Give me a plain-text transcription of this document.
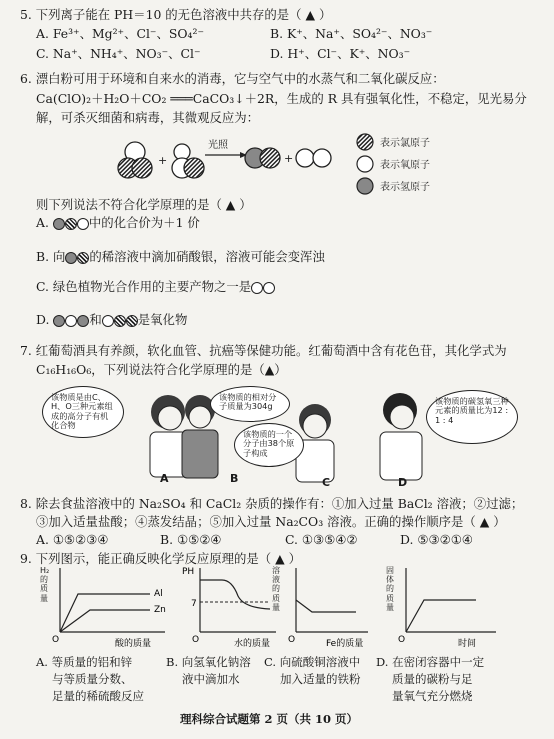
5. 下列离子能在 PH＝10 的无色溶液中共存的是（ ▲ ）
A. Fe³⁺、Mg²⁺、Cl⁻、SO₄²⁻	B. K⁺、Na⁺、SO₄²⁻、NO₃⁻
C. Na⁺、NH₄⁺、NO₃⁻、Cl⁻	D. H⁺、Cl⁻、K⁺、NO₃⁻
6. 漂白粉可用于环境和自来水的消毒，它与空气中的水蒸气和二氧化碳反应：
Ca(ClO)₂＋H₂O＋CO₂ ═══CaCO₃↓＋2R，生成的 R 具有强氧化性，不稳定，见光易分
解，可杀灭细菌和病毒，其微观反应为：
+
光照
+
表示氯原子
表示氧原子
表示氢原子
则下列说法不符合化学原理的是（ ▲ ）
A.	中的化合价为＋1 价
B. 向 的稀溶液中滴加硝酸银，溶液可能会变浑浊
C. 绿色植物光合作用的主要产物之一是
D.	和	是氧化物
7. 红葡萄酒具有养颜，软化血管、抗癌等保健功能。红葡萄酒中含有花色苷，其化学式为
C₁₆H₁₆O₆，下列说法符合化学原理的是（▲）
该物质是由C、H、O三种元素组成的高分子有机化合物
该物质的相对分子质量为304g
该物质的一个分子由38个原子构成
该物质的碳氢氧三种元素的质量比为12 : 1 : 4
A	B	C	D
8. 除去食盐溶液中的 Na₂SO₄ 和 CaCl₂ 杂质的操作有：①加入过量 BaCl₂ 溶液；②过滤；
③加入适量盐酸；④蒸发结晶；⑤加入过量 Na₂CO₃ 溶液。正确的操作顺序是（ ▲ ）
A. ①⑤②③④	B. ①⑤②④	C. ①③⑤④②	D. ⑤③②①④
9. 下列图示，能正确反映化学反应原理的是（ ▲ ）
Al
Zn
O	酸的质量
H₂的质量
PH
7
O	水的质量 O	Fe的质量
溶液的质量
O	时间
固体的质量
A. 等质量的铝和锌
与等质量分数、
足量的稀硫酸反应
B. 向氢氧化钠溶
液中滴加水
C. 向硫酸铜溶液中
加入适量的铁粉
D. 在密闭容器中一定
质量的碳粉与足
量氧气充分燃烧
理科综合试题第 2 页（共 10 页）
